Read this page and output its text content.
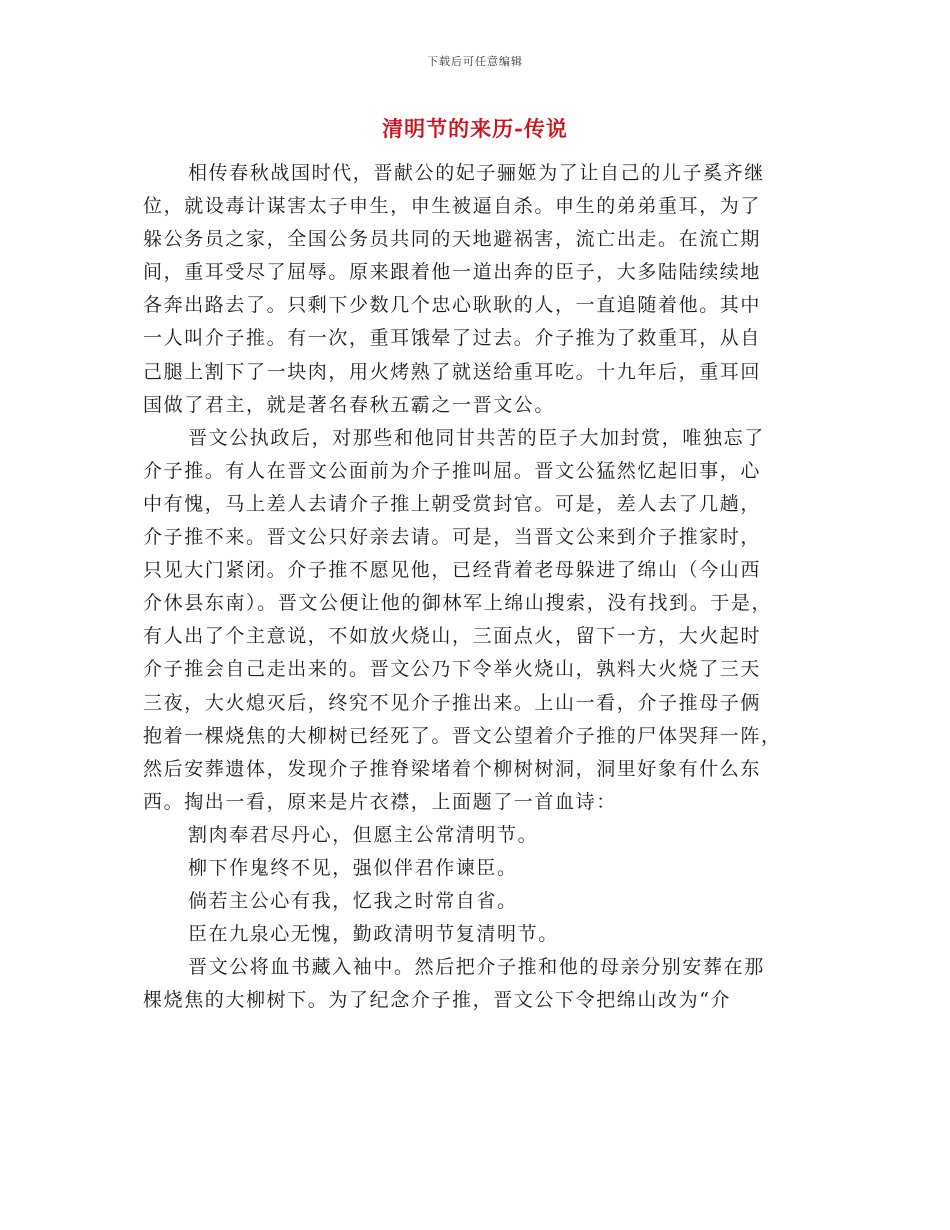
下载后可任意编辑
清明节的来历-传说
相传春秋战国时代，晋献公的妃子骊姬为了让自己的儿子奚齐继
位，就设毒计谋害太子申生，申生被逼自杀。申生的弟弟重耳，为了
躲公务员之家，全国公务员共同的天地避祸害，流亡出走。在流亡期
间，重耳受尽了屈辱。原来跟着他一道出奔的臣子，大多陆陆续续地
各奔出路去了。只剩下少数几个忠心耿耿的人，一直追随着他。其中
一人叫介子推。有一次，重耳饿晕了过去。介子推为了救重耳，从自
己腿上割下了一块肉，用火烤熟了就送给重耳吃。十九年后，重耳回
国做了君主，就是著名春秋五霸之一晋文公。
晋文公执政后，对那些和他同甘共苦的臣子大加封赏，唯独忘了
介子推。有人在晋文公面前为介子推叫屈。晋文公猛然忆起旧事，心
中有愧，马上差人去请介子推上朝受赏封官。可是，差人去了几趟，
介子推不来。晋文公只好亲去请。可是，当晋文公来到介子推家时，
只见大门紧闭。介子推不愿见他，已经背着老母躲进了绵山（今山西
介休县东南）。晋文公便让他的御林军上绵山搜索，没有找到。于是，
有人出了个主意说，不如放火烧山，三面点火，留下一方，大火起时
介子推会自己走出来的。晋文公乃下令举火烧山，孰料大火烧了三天
三夜，大火熄灭后，终究不见介子推出来。上山一看，介子推母子俩
抱着一棵烧焦的大柳树已经死了。晋文公望着介子推的尸体哭拜一阵，
然后安葬遗体，发现介子推脊梁堵着个柳树树洞，洞里好象有什么东
西。掏出一看，原来是片衣襟，上面题了一首血诗：
割肉奉君尽丹心，但愿主公常清明节。
柳下作鬼终不见，强似伴君作谏臣。
倘若主公心有我，忆我之时常自省。
臣在九泉心无愧，勤政清明节复清明节。
晋文公将血书藏入袖中。然后把介子推和他的母亲分别安葬在那
棵烧焦的大柳树下。为了纪念介子推，晋文公下令把绵山改为“介
